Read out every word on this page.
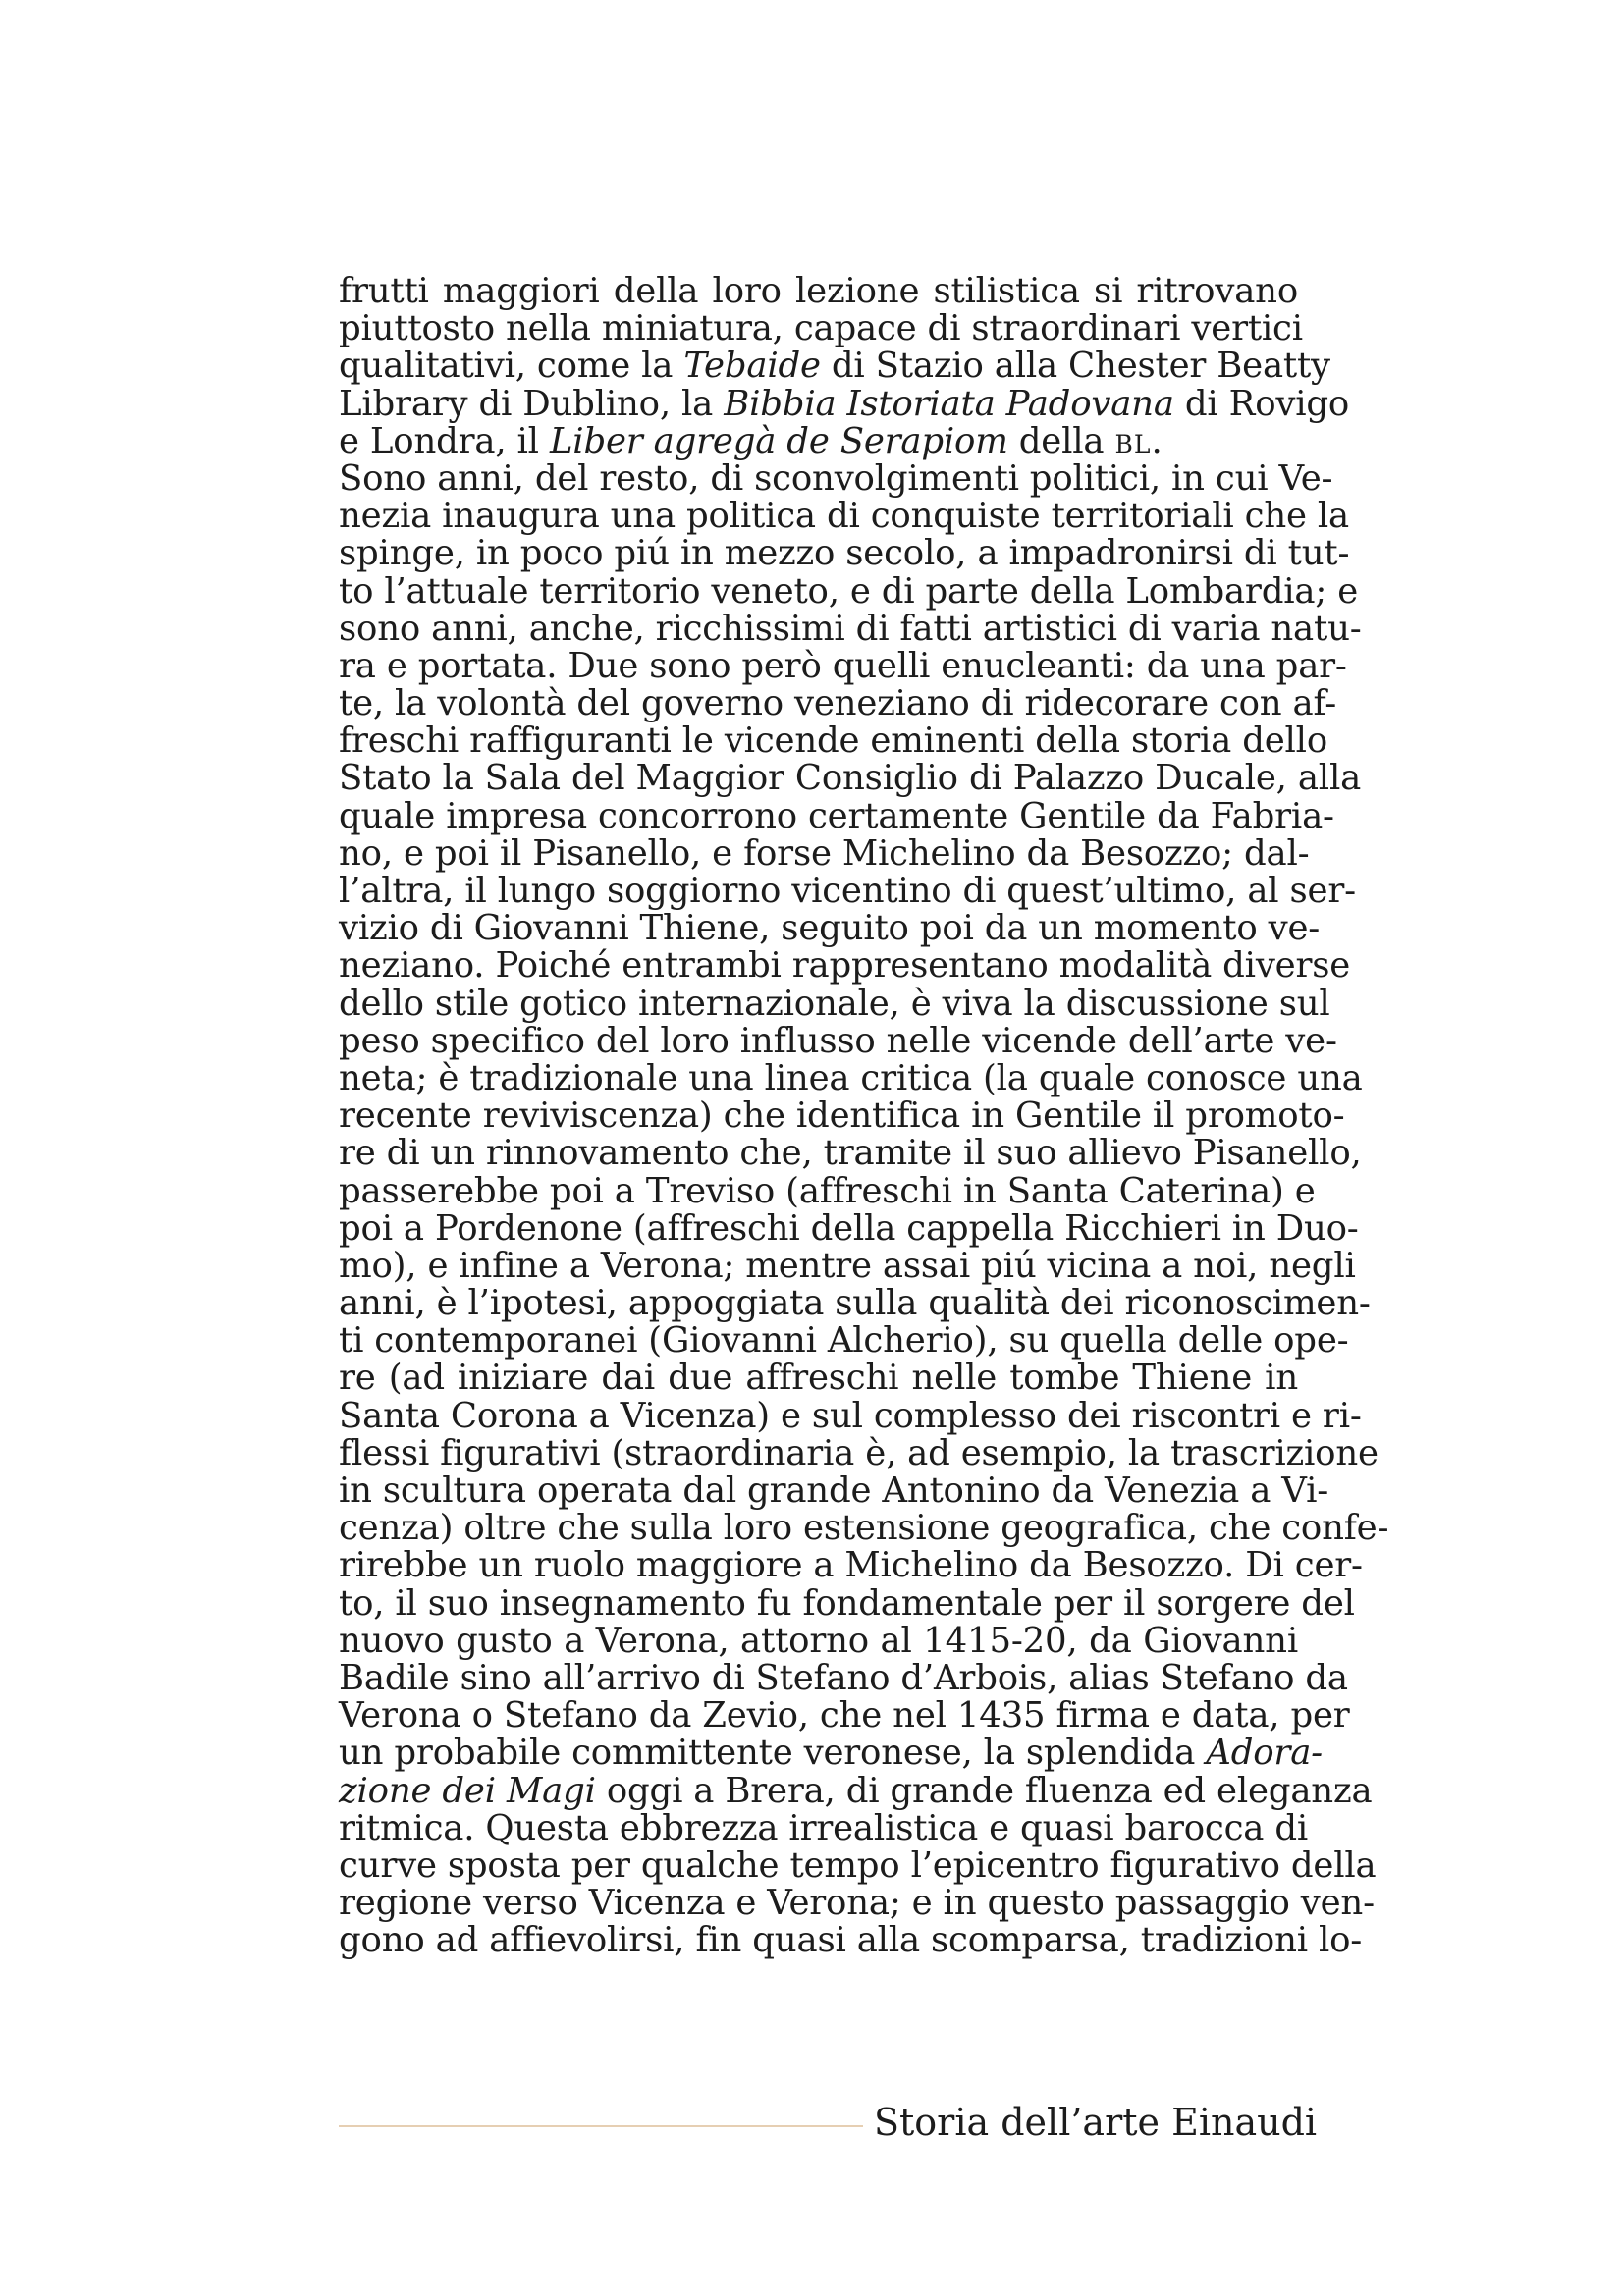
frutti maggiori della loro lezione stilistica si ritrovano
piuttosto nella miniatura, capace di straordinari vertici
qualitativi, come la Tebaide di Stazio alla Chester Beatty
Library di Dublino, la Bibbia Istoriata Padovana di Rovigo
e Londra, il Liber agregà de Serapiom della bl.
Sono anni, del resto, di sconvolgimenti politici, in cui Ve-
nezia inaugura una politica di conquiste territoriali che la
spinge, in poco piú in mezzo secolo, a impadronirsi di tut-
to l’attuale territorio veneto, e di parte della Lombardia; e
sono anni, anche, ricchissimi di fatti artistici di varia natu-
ra e portata. Due sono però quelli enucleanti: da una par-
te, la volontà del governo veneziano di ridecorare con af-
freschi raffiguranti le vicende eminenti della storia dello
Stato la Sala del Maggior Consiglio di Palazzo Ducale, alla
quale impresa concorrono certamente Gentile da Fabria-
no, e poi il Pisanello, e forse Michelino da Besozzo; dal-
l’altra, il lungo soggiorno vicentino di quest’ultimo, al ser-
vizio di Giovanni Thiene, seguito poi da un momento ve-
neziano. Poiché entrambi rappresentano modalità diverse
dello stile gotico internazionale, è viva la discussione sul
peso specifico del loro influsso nelle vicende dell’arte ve-
neta; è tradizionale una linea critica (la quale conosce una
recente reviviscenza) che identifica in Gentile il promoto-
re di un rinnovamento che, tramite il suo allievo Pisanello,
passerebbe poi a Treviso (affreschi in Santa Caterina) e
poi a Pordenone (affreschi della cappella Ricchieri in Duo-
mo), e infine a Verona; mentre assai piú vicina a noi, negli
anni, è l’ipotesi, appoggiata sulla qualità dei riconoscimen-
ti contemporanei (Giovanni Alcherio), su quella delle ope-
re (ad iniziare dai due affreschi nelle tombe Thiene in
Santa Corona a Vicenza) e sul complesso dei riscontri e ri-
flessi figurativi (straordinaria è, ad esempio, la trascrizione
in scultura operata dal grande Antonino da Venezia a Vi-
cenza) oltre che sulla loro estensione geografica, che confe-
rirebbe un ruolo maggiore a Michelino da Besozzo. Di cer-
to, il suo insegnamento fu fondamentale per il sorgere del
nuovo gusto a Verona, attorno al 1415-20, da Giovanni
Badile sino all’arrivo di Stefano d’Arbois, alias Stefano da
Verona o Stefano da Zevio, che nel 1435 firma e data, per
un probabile committente veronese, la splendida Adora-
zione dei Magi oggi a Brera, di grande fluenza ed eleganza
ritmica. Questa ebbrezza irrealistica e quasi barocca di
curve sposta per qualche tempo l’epicentro figurativo della
regione verso Vicenza e Verona; e in questo passaggio ven-
gono ad affievolirsi, fin quasi alla scomparsa, tradizioni lo-
Storia dell’arte Einaudi
